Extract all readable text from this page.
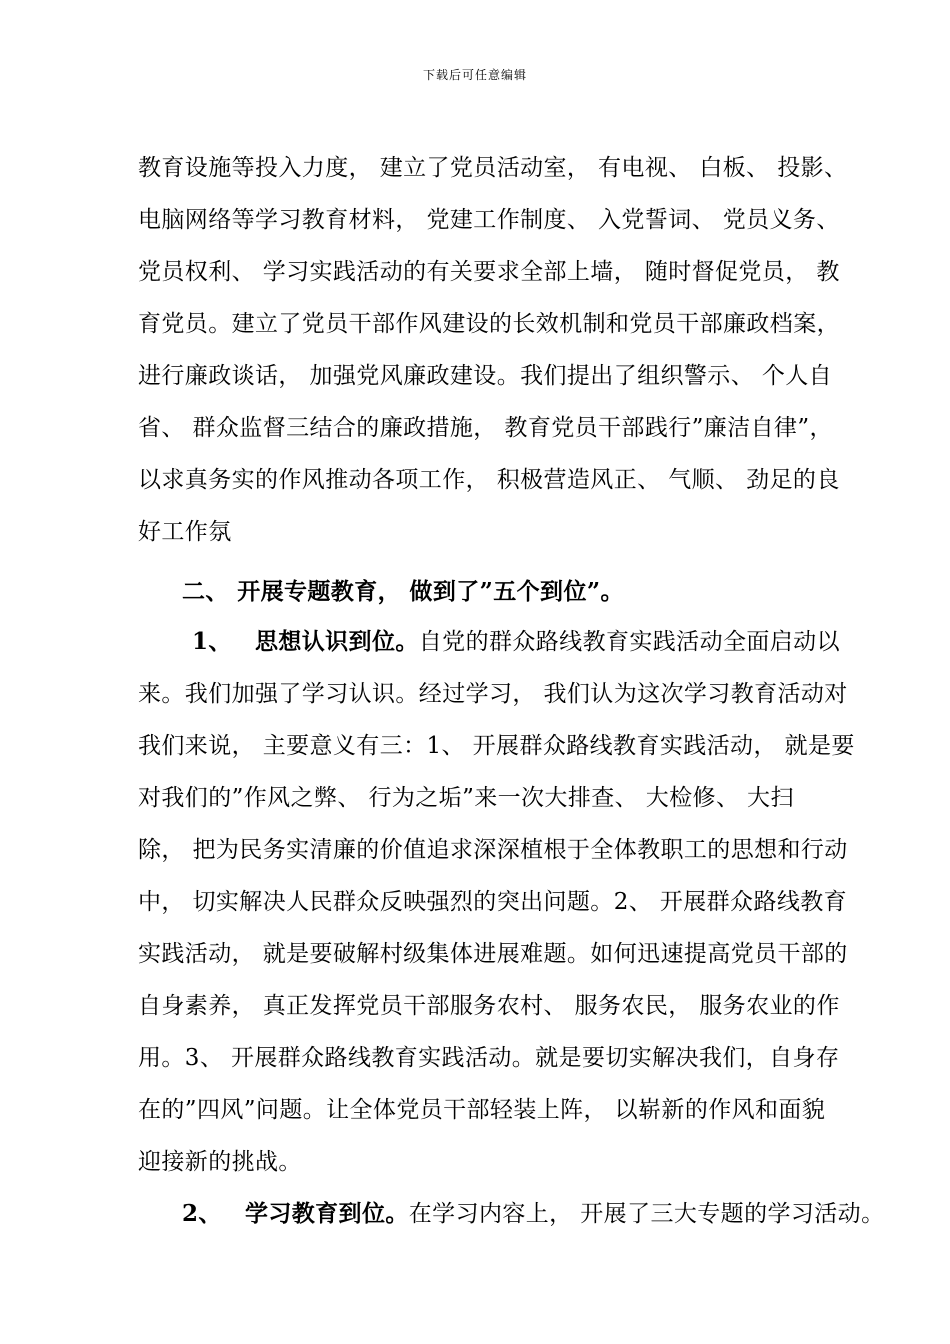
下载后可任意编辑
教育设施等投入力度， 建立了党员活动室， 有电视、 白板、 投影、
电脑网络等学习教育材料， 党建工作制度、 入党誓词、 党员义务、
党员权利、 学习实践活动的有关要求全部上墙， 随时督促党员， 教
育党员。建立了党员干部作风建设的长效机制和党员干部廉政档案，
进行廉政谈话， 加强党风廉政建设。我们提出了组织警示、 个人自
省、 群众监督三结合的廉政措施， 教育党员干部践行”廉洁自律”，
以求真务实的作风推动各项工作， 积极营造风正、 气顺、 劲足的良
好工作氛
二、 开展专题教育， 做到了”五个到位”。
1、 思想认识到位。自党的群众路线教育实践活动全面启动以
来。我们加强了学习认识。经过学习， 我们认为这次学习教育活动对
我们来说， 主要意义有三：1、 开展群众路线教育实践活动， 就是要
对我们的”作风之弊、 行为之垢”来一次大排查、 大检修、 大扫
除， 把为民务实清廉的价值追求深深植根于全体教职工的思想和行动
中， 切实解决人民群众反映强烈的突出问题。2、 开展群众路线教育
实践活动， 就是要破解村级集体进展难题。如何迅速提高党员干部的
自身素养， 真正发挥党员干部服务农村、 服务农民， 服务农业的作
用。3、 开展群众路线教育实践活动。就是要切实解决我们，自身存
在的”四风”问题。让全体党员干部轻装上阵， 以崭新的作风和面貌
迎接新的挑战。
2、 学习教育到位。在学习内容上， 开展了三大专题的学习活动。
